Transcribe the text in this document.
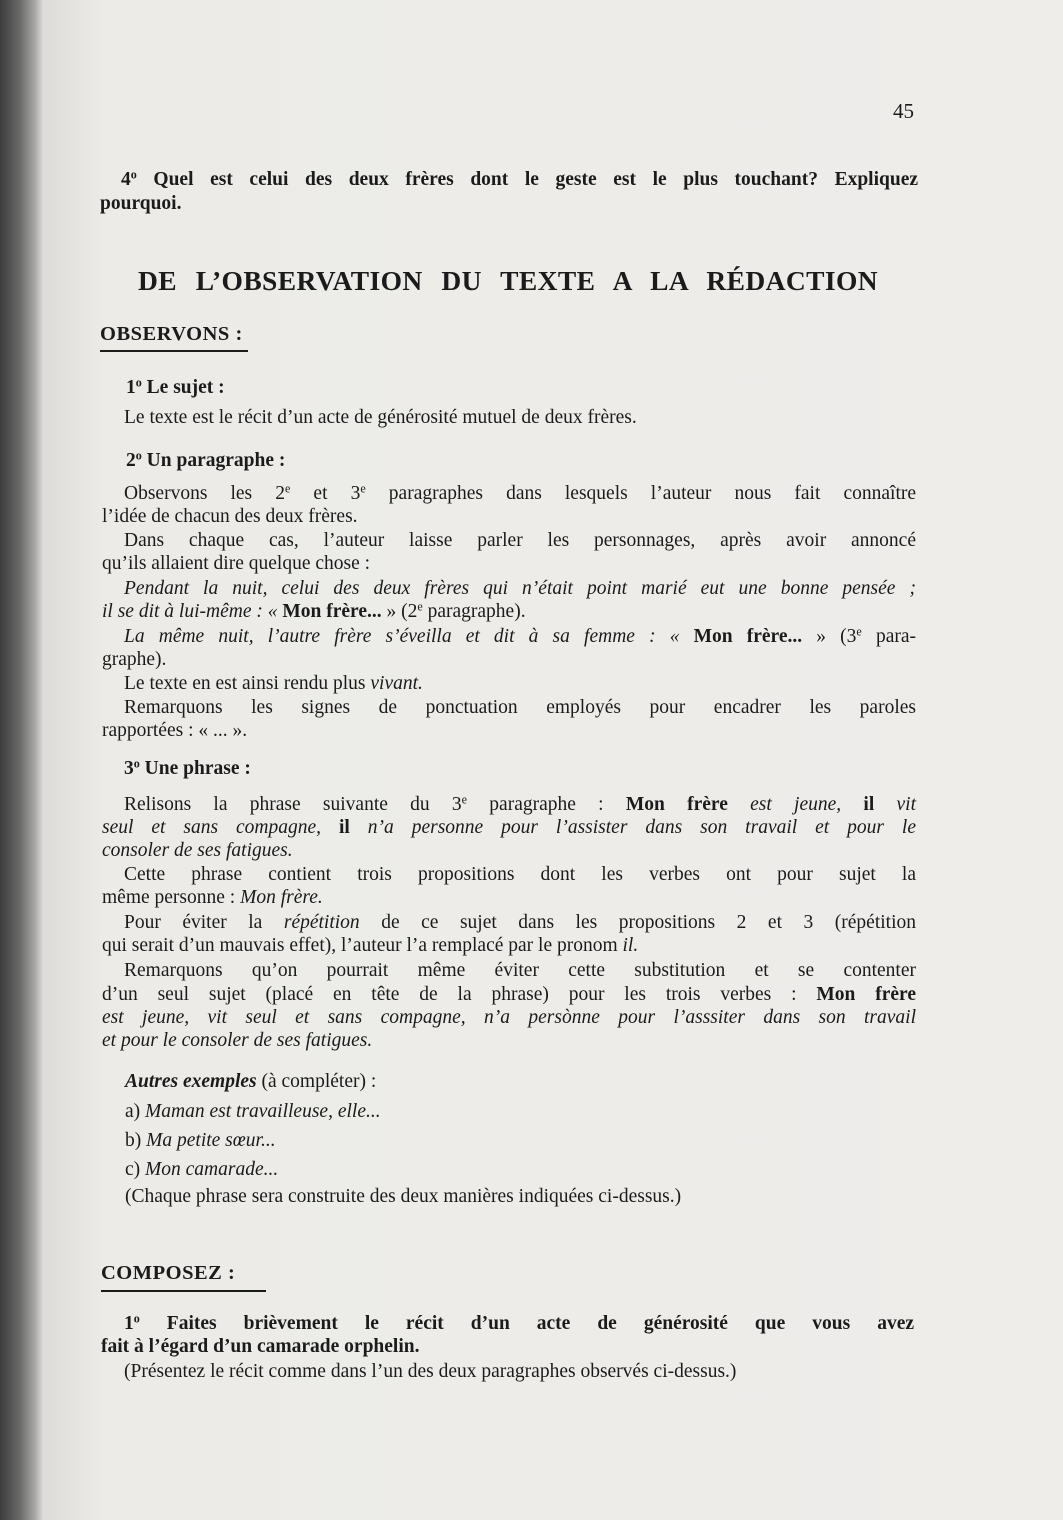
45
4$^o$ Quel est celui des deux frères dont le geste est le plus touchant? Expliquez
pourquoi.
DE L’OBSERVATION DU TEXTE A LA RÉDACTION
OBSERVONS :
1$^o$ Le sujet :
Le texte est le récit d’un acte de générosité mutuel de deux frères.
2$^o$ Un paragraphe :
Observons les 2e et 3e paragraphes dans lesquels l’auteur nous fait connaître
l’idée de chacun des deux frères.
Dans chaque cas, l’auteur laisse parler les personnages, après avoir annoncé
qu’ils allaient dire quelque chose :
Pendant la nuit, celui des deux frères qui n’était point marié eut une bonne pensée ;
il se dit à lui-même : « Mon frère... » (2e paragraphe).
La même nuit, l’autre frère s’éveilla et dit à sa femme : « Mon frère... » (3e para-
graphe).
Le texte en est ainsi rendu plus vivant.
Remarquons les signes de ponctuation employés pour encadrer les paroles
rapportées : « ... ».
3$^o$ Une phrase :
Relisons la phrase suivante du 3e paragraphe : Mon frère est jeune, il vit
seul et sans compagne, il n’a personne pour l’assister dans son travail et pour le
consoler de ses fatigues.
Cette phrase contient trois propositions dont les verbes ont pour sujet la
même personne : Mon frère.
Pour éviter la répétition de ce sujet dans les propositions 2 et 3 (répétition
qui serait d’un mauvais effet), l’auteur l’a remplacé par le pronom il.
Remarquons qu’on pourrait même éviter cette substitution et se contenter
d’un seul sujet (placé en tête de la phrase) pour les trois verbes : Mon frère
est jeune, vit seul et sans compagne, n’a persònne pour l’asssiter dans son travail
et pour le consoler de ses fatigues.
Autres exemples (à compléter) :
a) Maman est travailleuse, elle...
b) Ma petite sœur...
c) Mon camarade...
(Chaque phrase sera construite des deux manières indiquées ci-dessus.)
COMPOSEZ :
1$^o$ Faites brièvement le récit d’un acte de générosité que vous avez
fait à l’égard d’un camarade orphelin.
(Présentez le récit comme dans l’un des deux paragraphes observés ci-dessus.)
